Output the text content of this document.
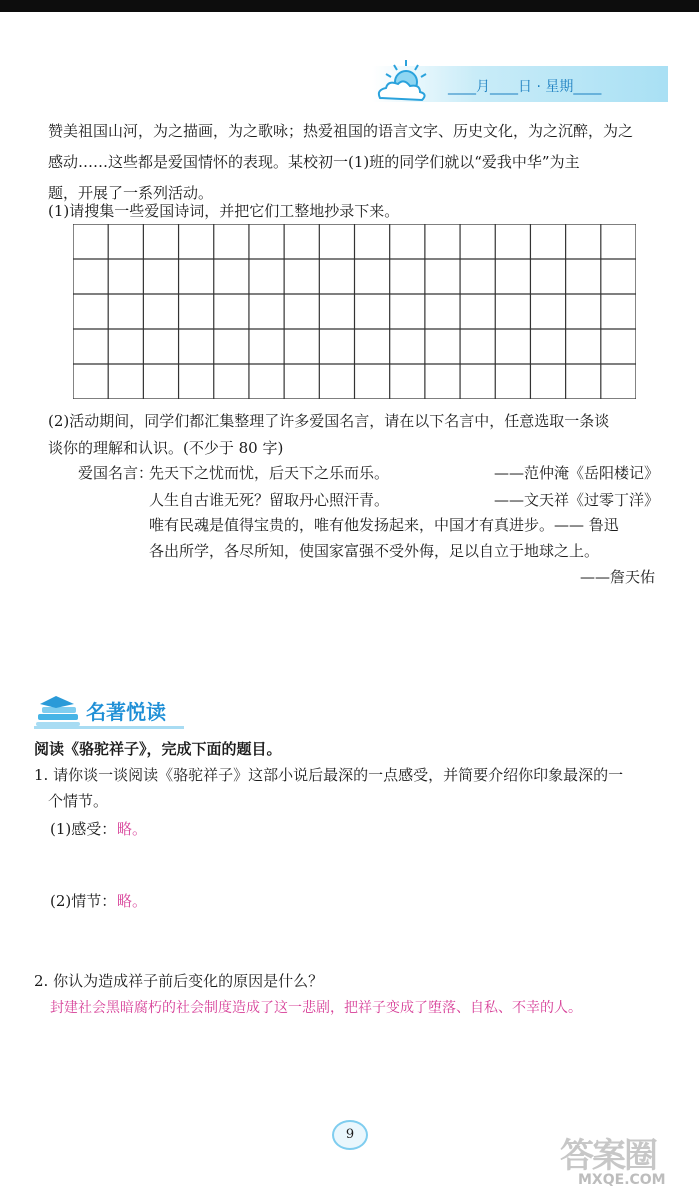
____月____日 · 星期____
赞美祖国山河，为之描画，为之歌咏；热爱祖国的语言文字、历史文化，为之沉醉，为之
感动……这些都是爱国情怀的表现。某校初一(1)班的同学们就以“爱我中华”为主
题，开展了一系列活动。
(1)请搜集一些爱国诗词，并把它们工整地抄录下来。
(2)活动期间，同学们都汇集整理了许多爱国名言，请在以下名言中，任意选取一条谈
谈你的理解和认识。(不少于 80 字)
爱国名言：
先天下之忧而忧，后天下之乐而乐。	——范仲淹《岳阳楼记》
人生自古谁无死？留取丹心照汗青。	——文天祥《过零丁洋》
唯有民魂是值得宝贵的，唯有他发扬起来，中国才有真进步。—— 鲁迅
各出所学，各尽所知，使国家富强不受外侮，足以自立于地球之上。
——詹天佑
名著悦读
阅读《骆驼祥子》，完成下面的题目。
1. 请你谈一谈阅读《骆驼祥子》这部小说后最深的一点感受，并简要介绍你印象最深的一
个情节。
(1)感受： 略。
(2)情节： 略。
2. 你认为造成祥子前后变化的原因是什么？
封建社会黑暗腐朽的社会制度造成了这一悲剧，把祥子变成了堕落、自私、不幸的人。
9
答案圈
MXQE.COM
